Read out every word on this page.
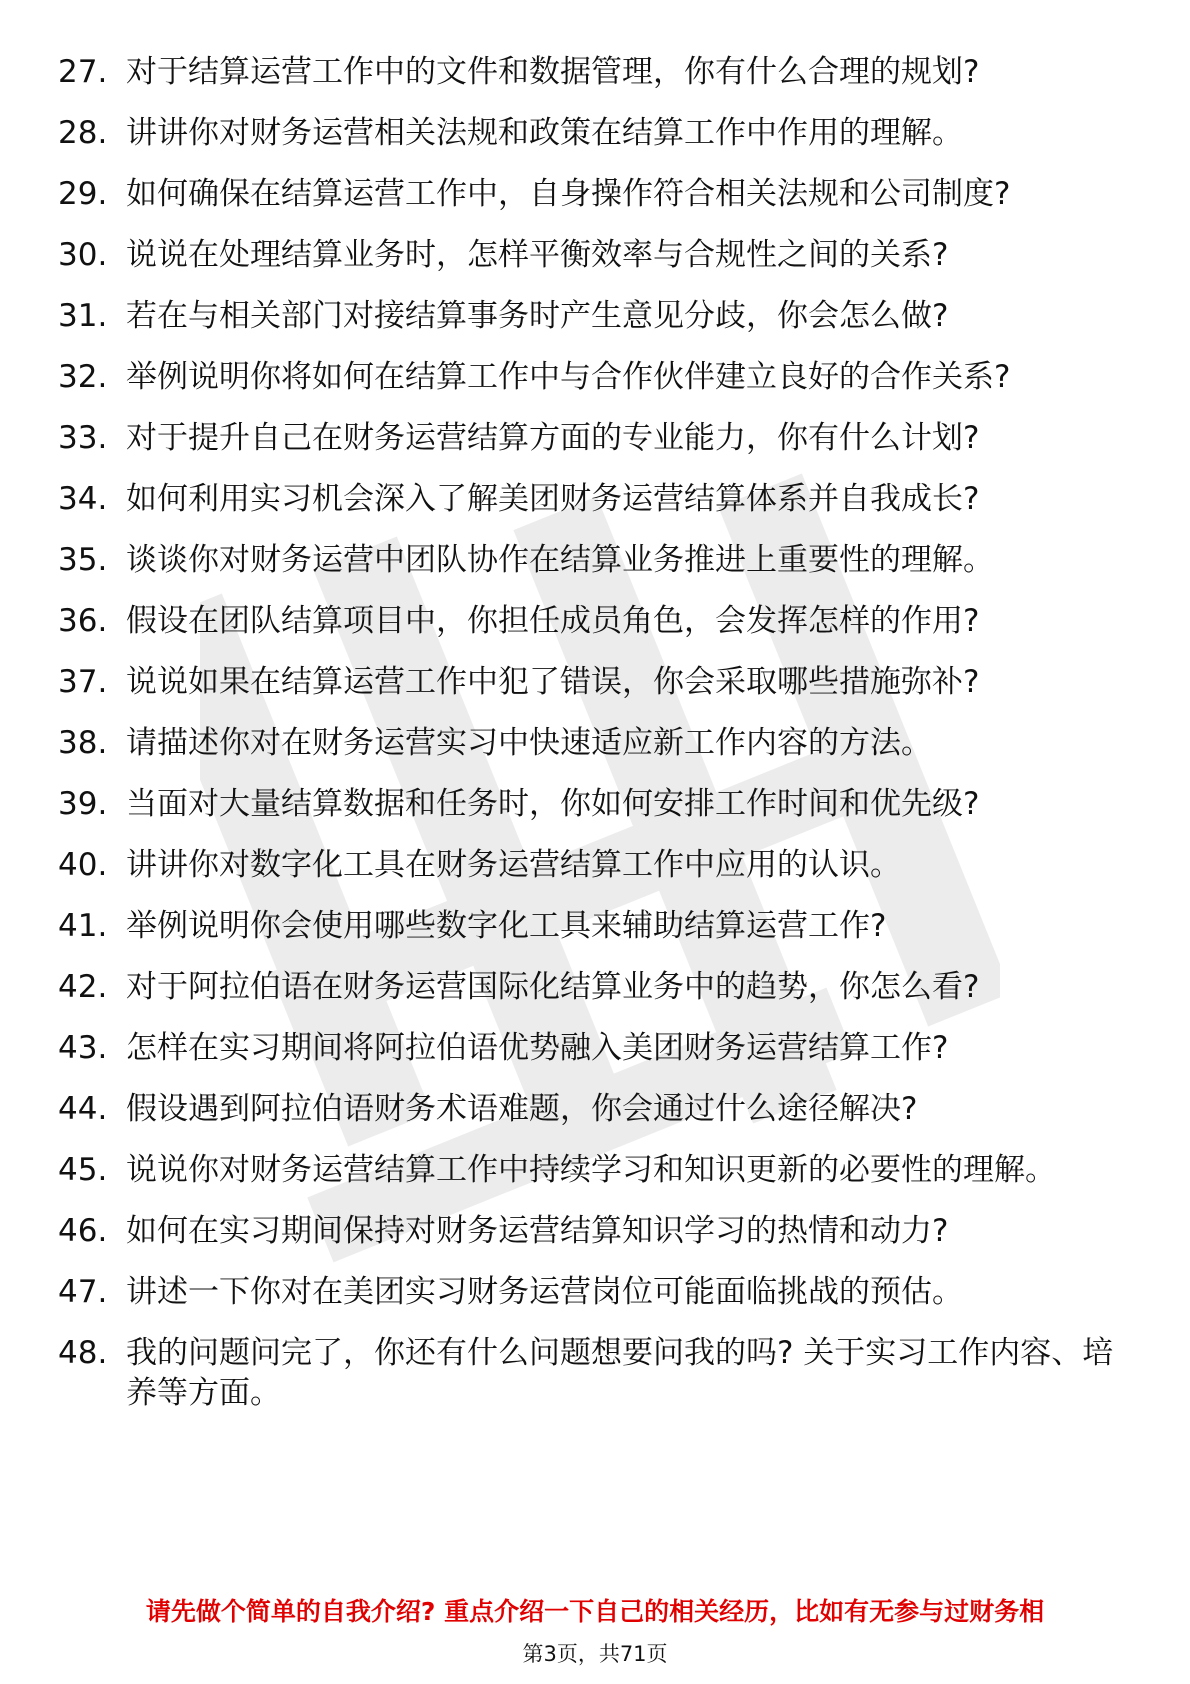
27. 对于结算运营工作中的文件和数据管理，你有什么合理的规划?
28. 讲讲你对财务运营相关法规和政策在结算工作中作用的理解。
29. 如何确保在结算运营工作中，自身操作符合相关法规和公司制度?
30. 说说在处理结算业务时，怎样平衡效率与合规性之间的关系?
31. 若在与相关部门对接结算事务时产生意见分歧，你会怎么做?
32. 举例说明你将如何在结算工作中与合作伙伴建立良好的合作关系?
33. 对于提升自己在财务运营结算方面的专业能力，你有什么计划?
34. 如何利用实习机会深入了解美团财务运营结算体系并自我成长?
35. 谈谈你对财务运营中团队协作在结算业务推进上重要性的理解。
36. 假设在团队结算项目中，你担任成员角色，会发挥怎样的作用?
37. 说说如果在结算运营工作中犯了错误，你会采取哪些措施弥补?
38. 请描述你对在财务运营实习中快速适应新工作内容的方法。
39. 当面对大量结算数据和任务时，你如何安排工作时间和优先级?
40. 讲讲你对数字化工具在财务运营结算工作中应用的认识。
41. 举例说明你会使用哪些数字化工具来辅助结算运营工作?
42. 对于阿拉伯语在财务运营国际化结算业务中的趋势，你怎么看?
43. 怎样在实习期间将阿拉伯语优势融入美团财务运营结算工作?
44. 假设遇到阿拉伯语财务术语难题，你会通过什么途径解决?
45. 说说你对财务运营结算工作中持续学习和知识更新的必要性的理解。
46. 如何在实习期间保持对财务运营结算知识学习的热情和动力?
47. 讲述一下你对在美团实习财务运营岗位可能面临挑战的预估。
48. 我的问题问完了，你还有什么问题想要问我的吗? 关于实习工作内容、培养等方面。
请先做个简单的自我介绍? 重点介绍一下自己的相关经历，比如有无参与过财务相
第3页，共71页
